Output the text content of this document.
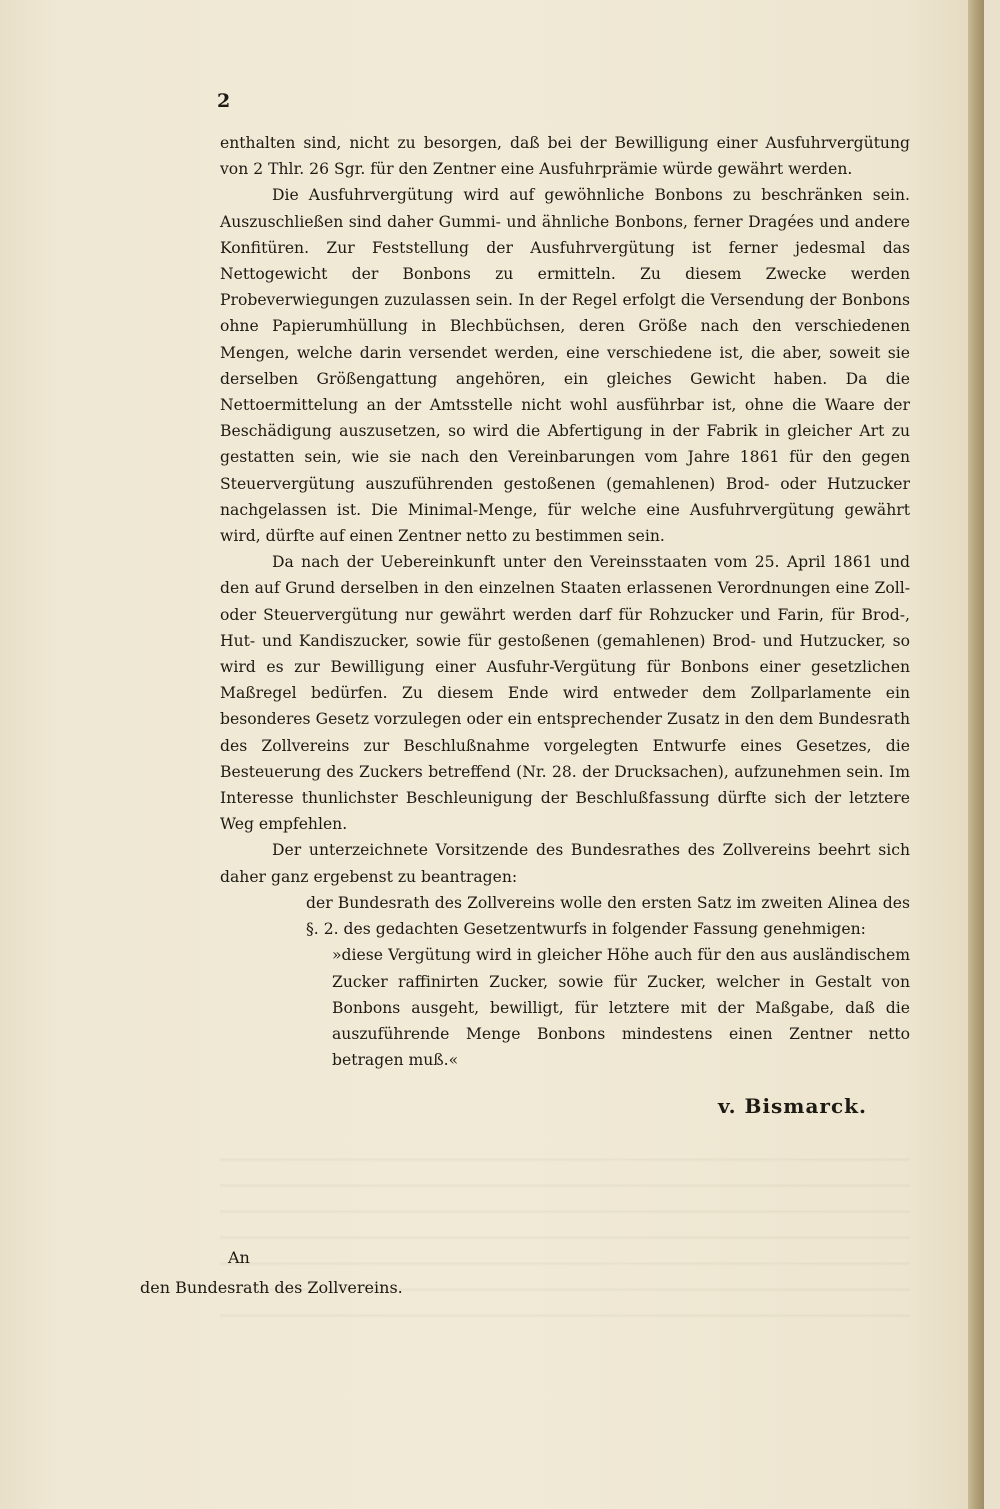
2

enthalten sind, nicht zu besorgen, daß bei der Bewilligung einer Ausfuhrvergütung von 2 Thlr. 26 Sgr. für den Zentner eine Ausfuhrprämie würde gewährt werden.

Die Ausfuhrvergütung wird auf gewöhnliche Bonbons zu beschränken sein. Auszuschließen sind daher Gummi- und ähnliche Bonbons, ferner Dragées und andere Konfitüren. Zur Feststellung der Ausfuhrvergütung ist ferner jedesmal das Nettogewicht der Bonbons zu ermitteln. Zu diesem Zwecke werden Probeverwiegungen zuzulassen sein. In der Regel erfolgt die Versendung der Bonbons ohne Papierumhüllung in Blechbüchsen, deren Größe nach den verschiedenen Mengen, welche darin versendet werden, eine verschiedene ist, die aber, soweit sie derselben Größengattung angehören, ein gleiches Gewicht haben. Da die Nettoermittelung an der Amtsstelle nicht wohl ausführbar ist, ohne die Waare der Beschädigung auszusetzen, so wird die Abfertigung in der Fabrik in gleicher Art zu gestatten sein, wie sie nach den Vereinbarungen vom Jahre 1861 für den gegen Steuervergütung auszuführenden gestoßenen (gemahlenen) Brod- oder Hutzucker nachgelassen ist. Die Minimal-Menge, für welche eine Ausfuhrvergütung gewährt wird, dürfte auf einen Zentner netto zu bestimmen sein.

Da nach der Uebereinkunft unter den Vereinsstaaten vom 25. April 1861 und den auf Grund derselben in den einzelnen Staaten erlassenen Verordnungen eine Zoll- oder Steuervergütung nur gewährt werden darf für Rohzucker und Farin, für Brod-, Hut- und Kandiszucker, sowie für gestoßenen (gemahlenen) Brod- und Hutzucker, so wird es zur Bewilligung einer Ausfuhr-Vergütung für Bonbons einer gesetzlichen Maßregel bedürfen. Zu diesem Ende wird entweder dem Zollparlamente ein besonderes Gesetz vorzulegen oder ein entsprechender Zusatz in den dem Bundesrath des Zollvereins zur Beschlußnahme vorgelegten Entwurfe eines Gesetzes, die Besteuerung des Zuckers betreffend (Nr. 28. der Drucksachen), aufzunehmen sein. Im Interesse thunlichster Beschleunigung der Beschlußfassung dürfte sich der letztere Weg empfehlen.

Der unterzeichnete Vorsitzende des Bundesrathes des Zollvereins beehrt sich daher ganz ergebenst zu beantragen:

der Bundesrath des Zollvereins wolle den ersten Satz im zweiten Alinea des §. 2. des gedachten Gesetzentwurfs in folgender Fassung genehmigen:

»diese Vergütung wird in gleicher Höhe auch für den aus ausländischem Zucker raffinirten Zucker, sowie für Zucker, welcher in Gestalt von Bonbons ausgeht, bewilligt, für letztere mit der Maßgabe, daß die auszuführende Menge Bonbons mindestens einen Zentner netto betragen muß.«

v. Bismarck.
An
den Bundesrath des Zollvereins.
